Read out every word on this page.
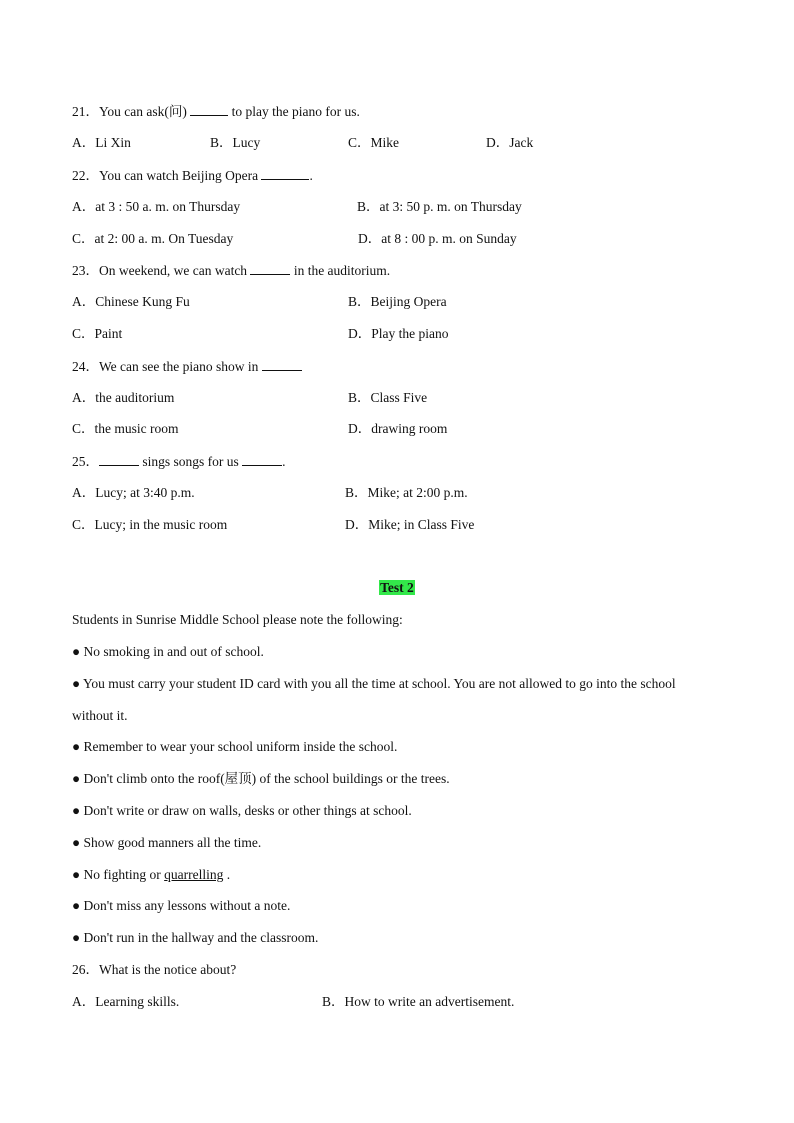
21．You can ask(问)	to play the piano for us.
A．Li Xin	B．Lucy	C．Mike	D．Jack
22．You can watch Beijing Opera	.
A．at 3 : 50 a. m. on Thursday	B．at 3: 50 p. m. on Thursday
C．at 2: 00 a. m. On Tuesday	D．at 8 : 00 p. m. on Sunday
23．On weekend, we can watch	in the auditorium.
A．Chinese Kung Fu	B．Beijing Opera
C．Paint	D．Play the piano
24．We can see the piano show in
A．the auditorium	B．Class Five
C．the music room	D．drawing room
25．	sings songs for us	.
A．Lucy; at 3:40 p.m.	B．Mike; at 2:00 p.m.
C．Lucy; in the music room	D．Mike; in Class Five
Test 2
Students in Sunrise Middle School please note the following:
● No smoking in and out of school.
● You must carry your student ID card with you all the time at school. You are not allowed to go into the school
without it.
● Remember to wear your school uniform inside the school.
● Don't climb onto the roof(屋顶) of the school buildings or the trees.
● Don't write or draw on walls, desks or other things at school.
● Show good manners all the time.
● No fighting or quarrelling .
● Don't miss any lessons without a note.
● Don't run in the hallway and the classroom.
26．What is the notice about?
A．Learning skills.	B．How to write an advertisement.
